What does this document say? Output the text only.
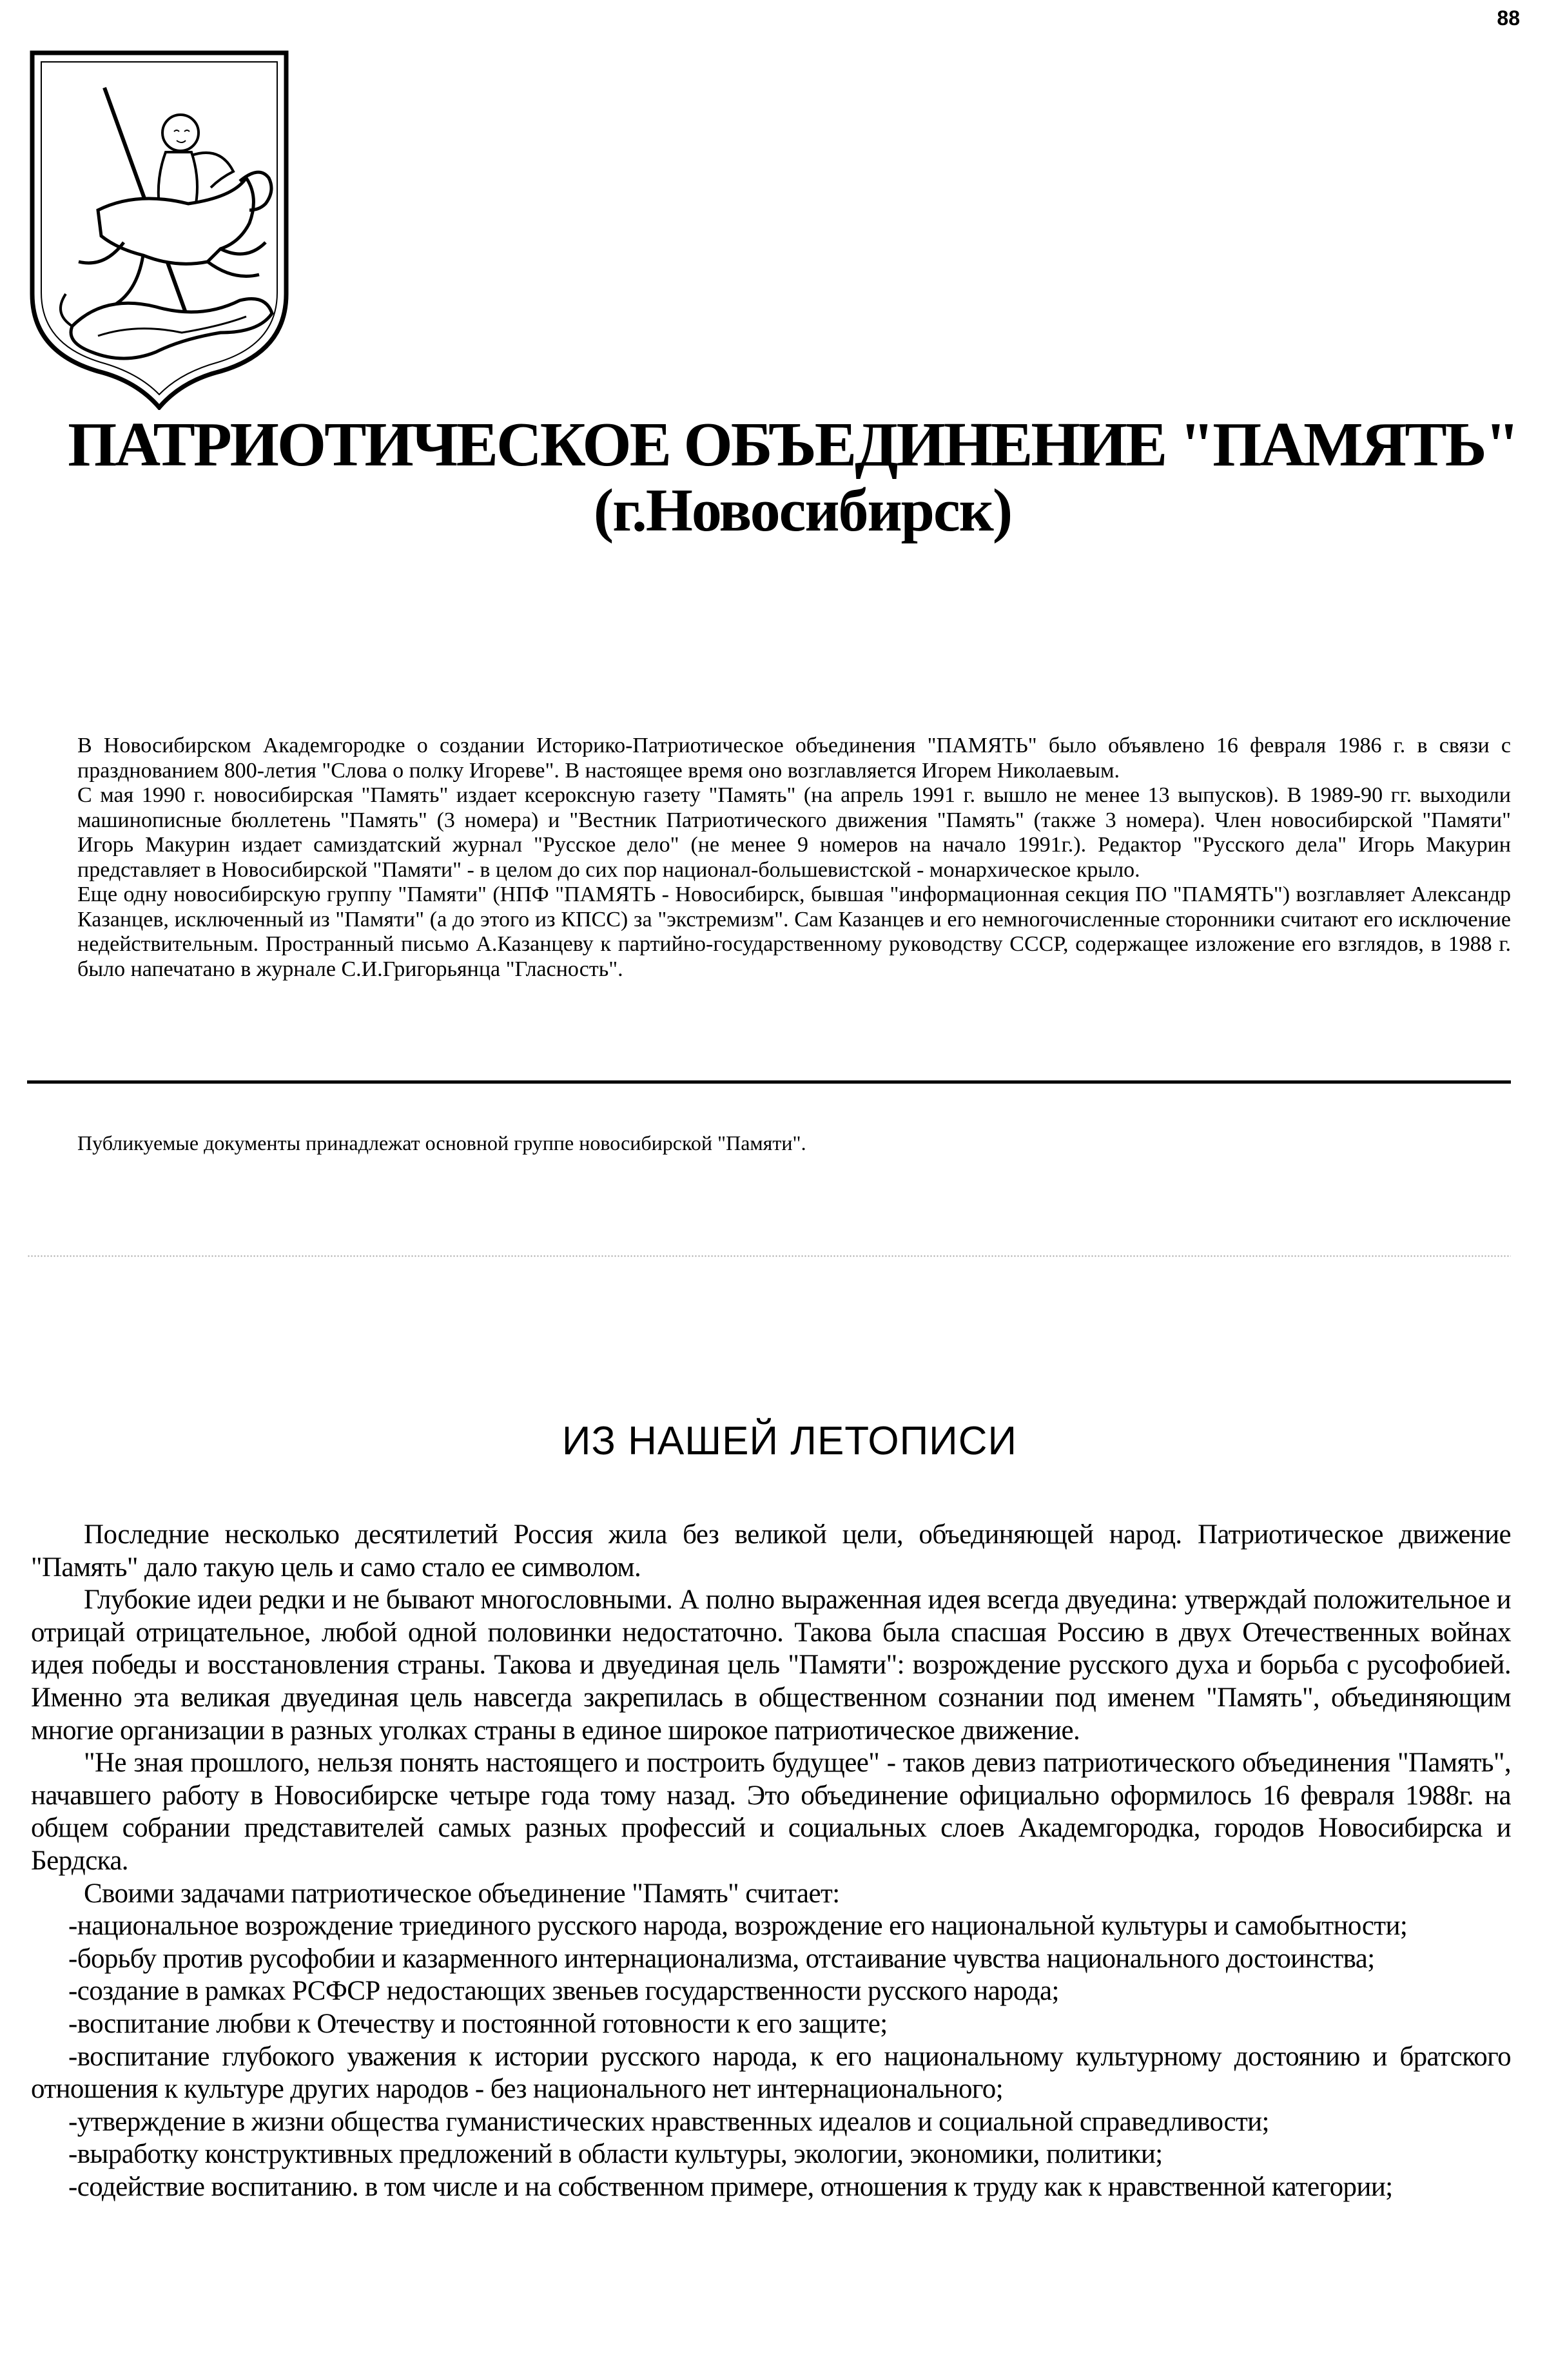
88
ПАТРИОТИЧЕСКОЕ ОБЪЕДИНЕНИЕ "ПАМЯТЬ"
(г.Новосибирск)

В Новосибирском Академгородке о создании Историко-Патриотическое объединения "ПАМЯТЬ" было объявлено 16 февраля 1986 г. в связи с празднованием 800-летия "Слова о полку Игореве". В настоящее время оно возглавляется Игорем Николаевым.

С мая 1990 г. новосибирская "Память" издает ксероксную газету "Память" (на апрель 1991 г. вышло не менее 13 выпусков). В 1989-90 гг. выходили машинописные бюллетень "Память" (3 номера) и "Вестник Патриотического движения "Память" (также 3 номера). Член новосибирской "Памяти" Игорь Макурин издает самиздатский журнал "Русское дело" (не менее 9 номеров на начало 1991г.). Редактор "Русского дела" Игорь Макурин представляет в Новосибирской "Памяти" - в целом до сих пор национал-большевистской - монархическое крыло.

Еще одну новосибирскую группу "Памяти" (НПФ "ПАМЯТЬ - Новосибирск, бывшая "информационная секция ПО "ПАМЯТЬ") возглавляет Александр Казанцев, исключенный из "Памяти" (а до этого из КПСС) за "экстремизм". Сам Казанцев и его немногочисленные сторонники считают его исключение недействительным. Пространный письмо А.Казанцеву к партийно-государственному руководству СССР, содержащее изложение его взглядов, в 1988 г. было напечатано в журнале С.И.Григорьянца "Гласность".

Публикуемые документы принадлежат основной группе новосибирской "Памяти".
ИЗ НАШЕЙ ЛЕТОПИСИ

Последние несколько десятилетий Россия жила без великой цели, объединяющей народ. Патриотическое движение "Память" дало такую цель и само стало ее символом.

Глубокие идеи редки и не бывают многословными. А полно выраженная идея всегда двуедина: утверждай положительное и отрицай отрицательное, любой одной половинки недостаточно. Такова была спасшая Россию в двух Отечественных войнах идея победы и восстановления страны. Такова и двуединая цель "Памяти": возрождение русского духа и борьба с русофобией. Именно эта великая двуединая цель навсегда закрепилась в общественном сознании под именем "Память", объединяющим многие организации в разных уголках страны в единое широкое патриотическое движение.

"Не зная прошлого, нельзя понять настоящего и построить будущее" - таков девиз патриотического объединения "Память", начавшего работу в Новосибирске четыре года тому назад. Это объединение официально оформилось 16 февраля 1988г. на общем собрании представителей самых разных профессий и социальных слоев Академгородка, городов Новосибирска и Бердска.

Своими задачами патриотическое объединение "Память" считает:

-национальное возрождение триединого русского народа, возрождение его национальной культуры и самобытности;

-борьбу против русофобии и казарменного интернационализма, отстаивание чувства национального достоинства;

-создание в рамках РСФСР недостающих звеньев государственности русского народа;

-воспитание любви к Отечеству и постоянной готовности к его защите;

-воспитание глубокого уважения к истории русского народа, к его национальному культурному достоянию и братского отношения к культуре других народов - без национального нет интернационального;

-утверждение в жизни общества гуманистических нравственных идеалов и социальной справедливости;

-выработку конструктивных предложений в области культуры, экологии, экономики, политики;

-содействие воспитанию. в том числе и на собственном примере, отношения к труду как к нравственной категории;
